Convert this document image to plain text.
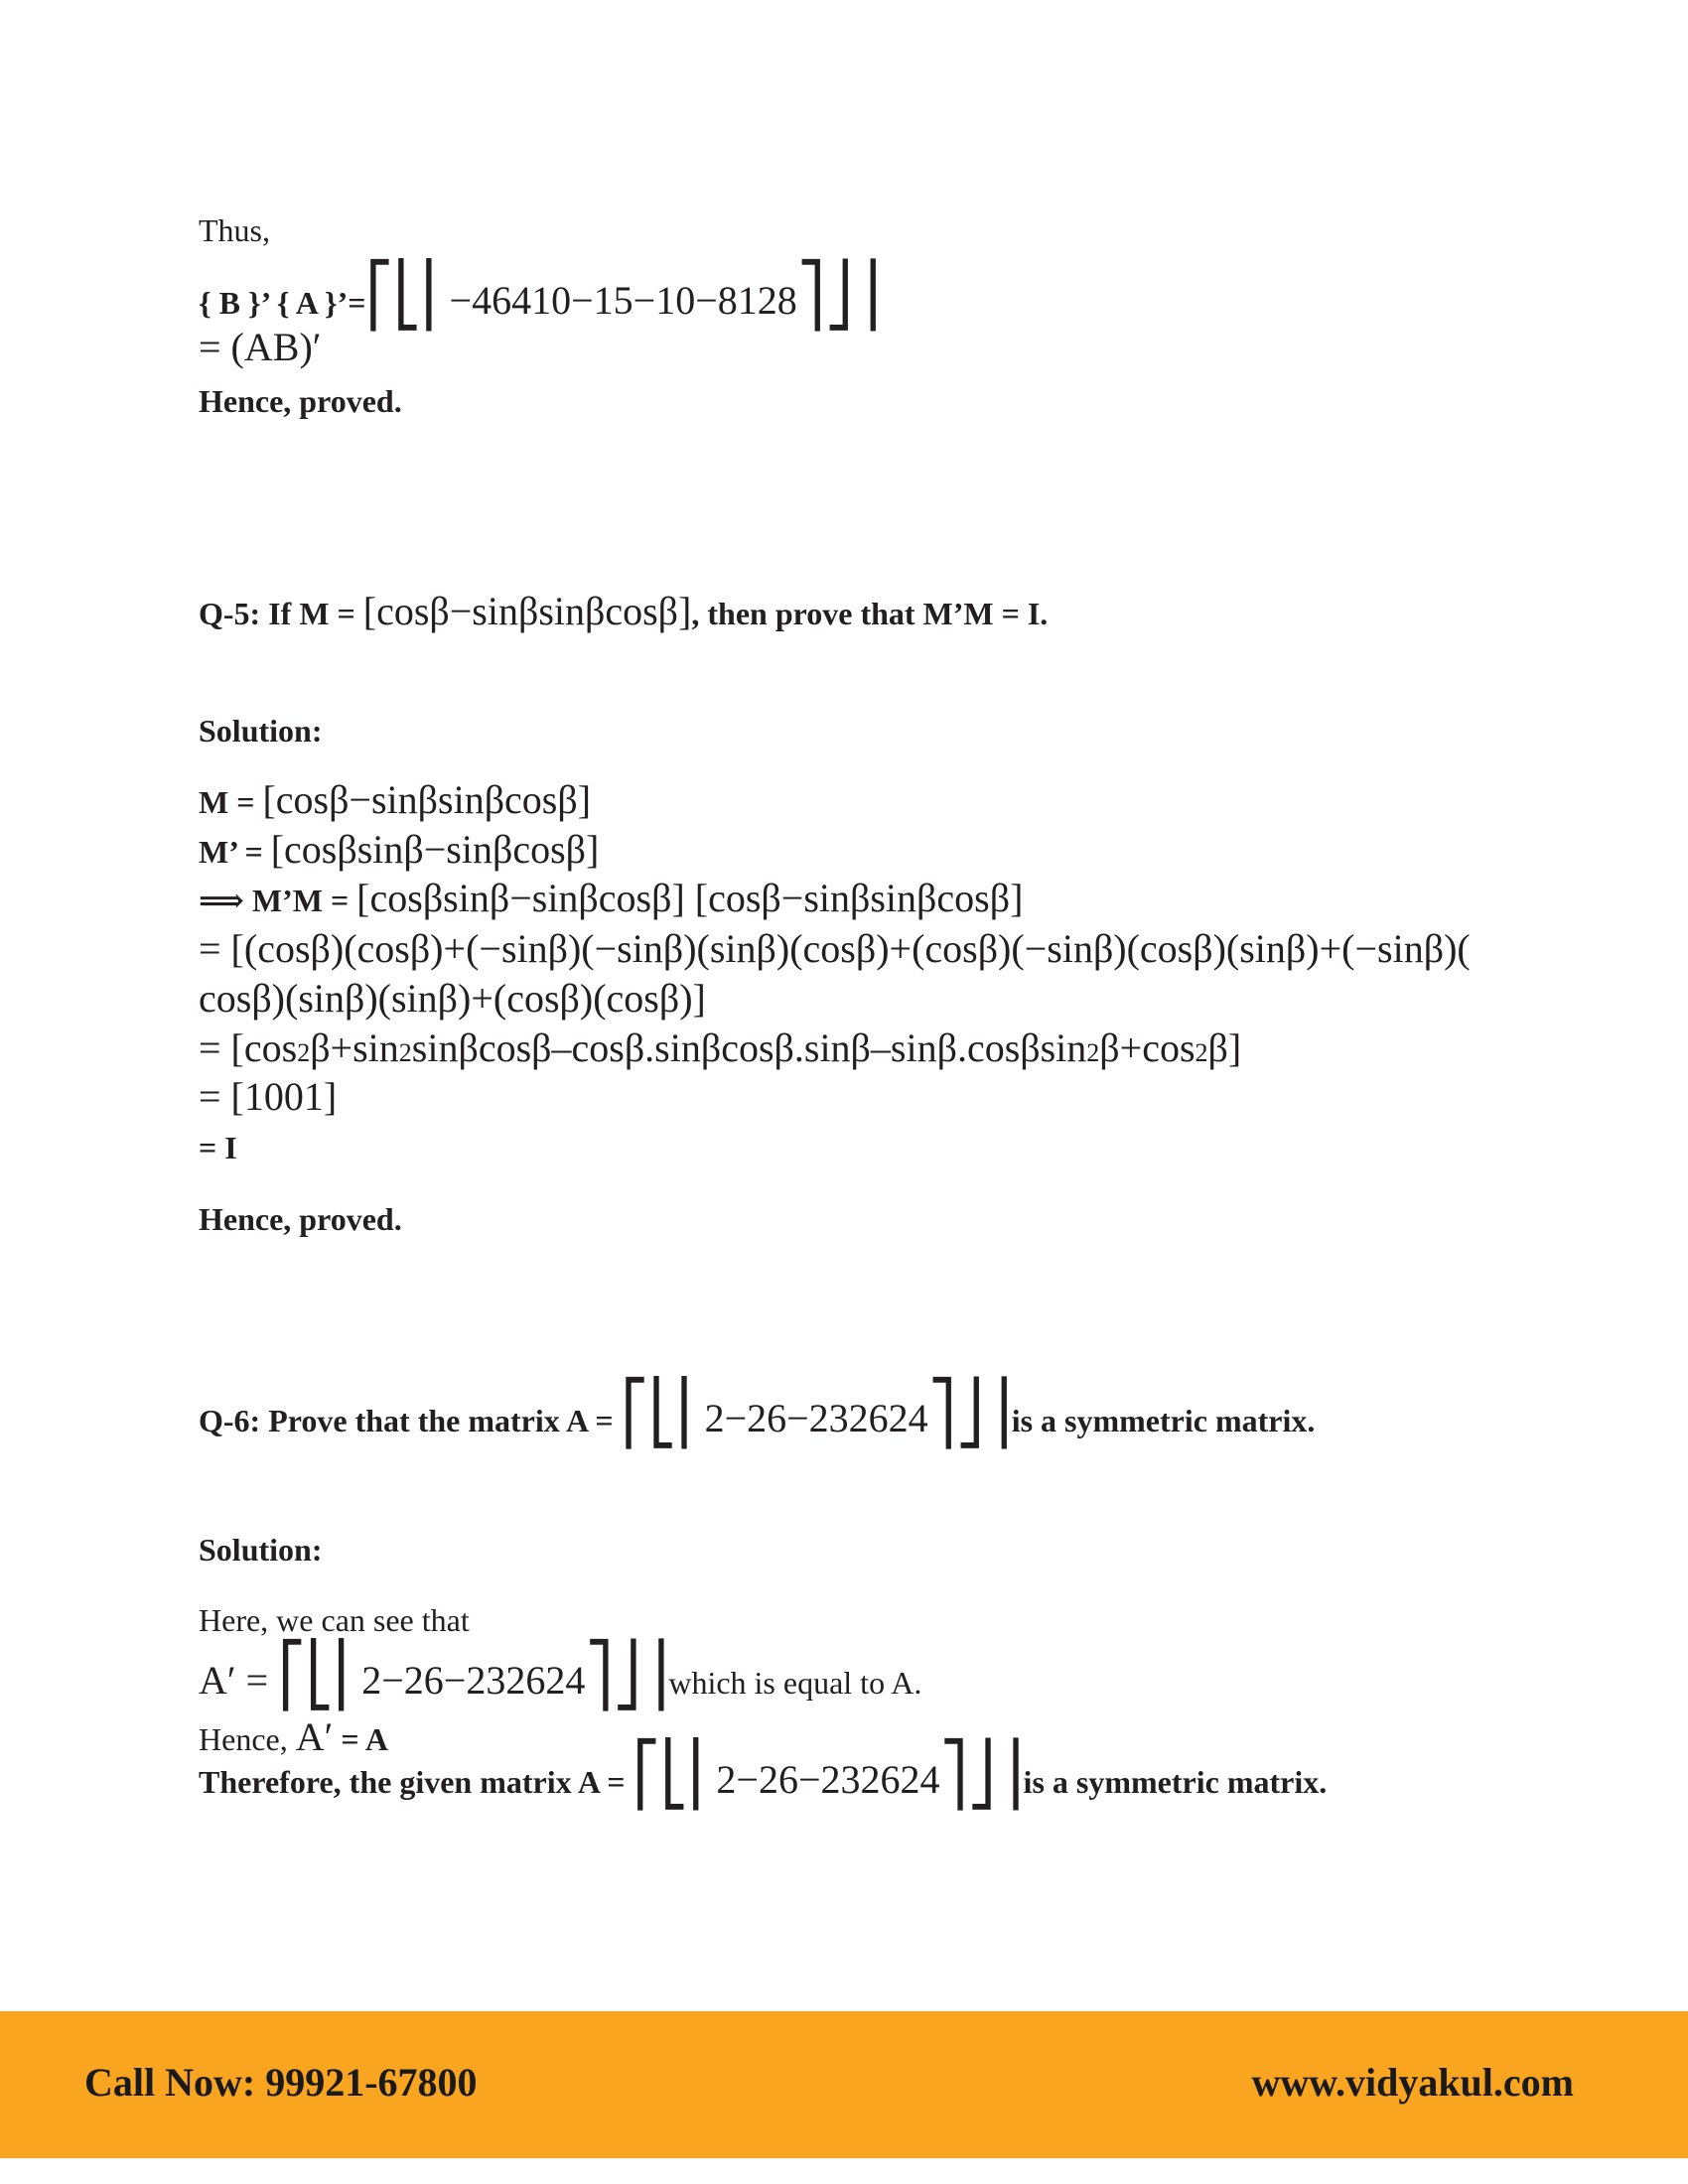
Thus,
{ B }’ { A }’=⎡⎣⎢−46410−15−10−8128⎤⎦⎥
= (AB)′
Hence, proved.
Q-5: If M = [cosβ−sinβsinβcosβ], then prove that M’M = I.
Solution:
M = [cosβ−sinβsinβcosβ]
M’ = [cosβsinβ−sinβcosβ]
⟹ M’M = [cosβsinβ−sinβcosβ] [cosβ−sinβsinβcosβ]
= [(cosβ)(cosβ)+(−sinβ)(−sinβ)(sinβ)(cosβ)+(cosβ)(−sinβ)(cosβ)(sinβ)+(−sinβ)(
cosβ)(sinβ)(sinβ)+(cosβ)(cosβ)]
= [cos2β+sin2sinβcosβ–cosβ.sinβcosβ.sinβ–sinβ.cosβsin2β+cos2β]
= [1001]
= I
Hence, proved.
Q-6: Prove that the matrix A = ⎡⎣⎢2−26−232624⎤⎦⎥is a symmetric matrix.
Solution:
Here, we can see that
A′ = ⎡⎣⎢2−26−232624⎤⎦⎥which is equal to A.
Hence, A′ = A
Therefore, the given matrix A = ⎡⎣⎢2−26−232624⎤⎦⎥is a symmetric matrix.
Call Now: 99921-67800	www.vidyakul.com
